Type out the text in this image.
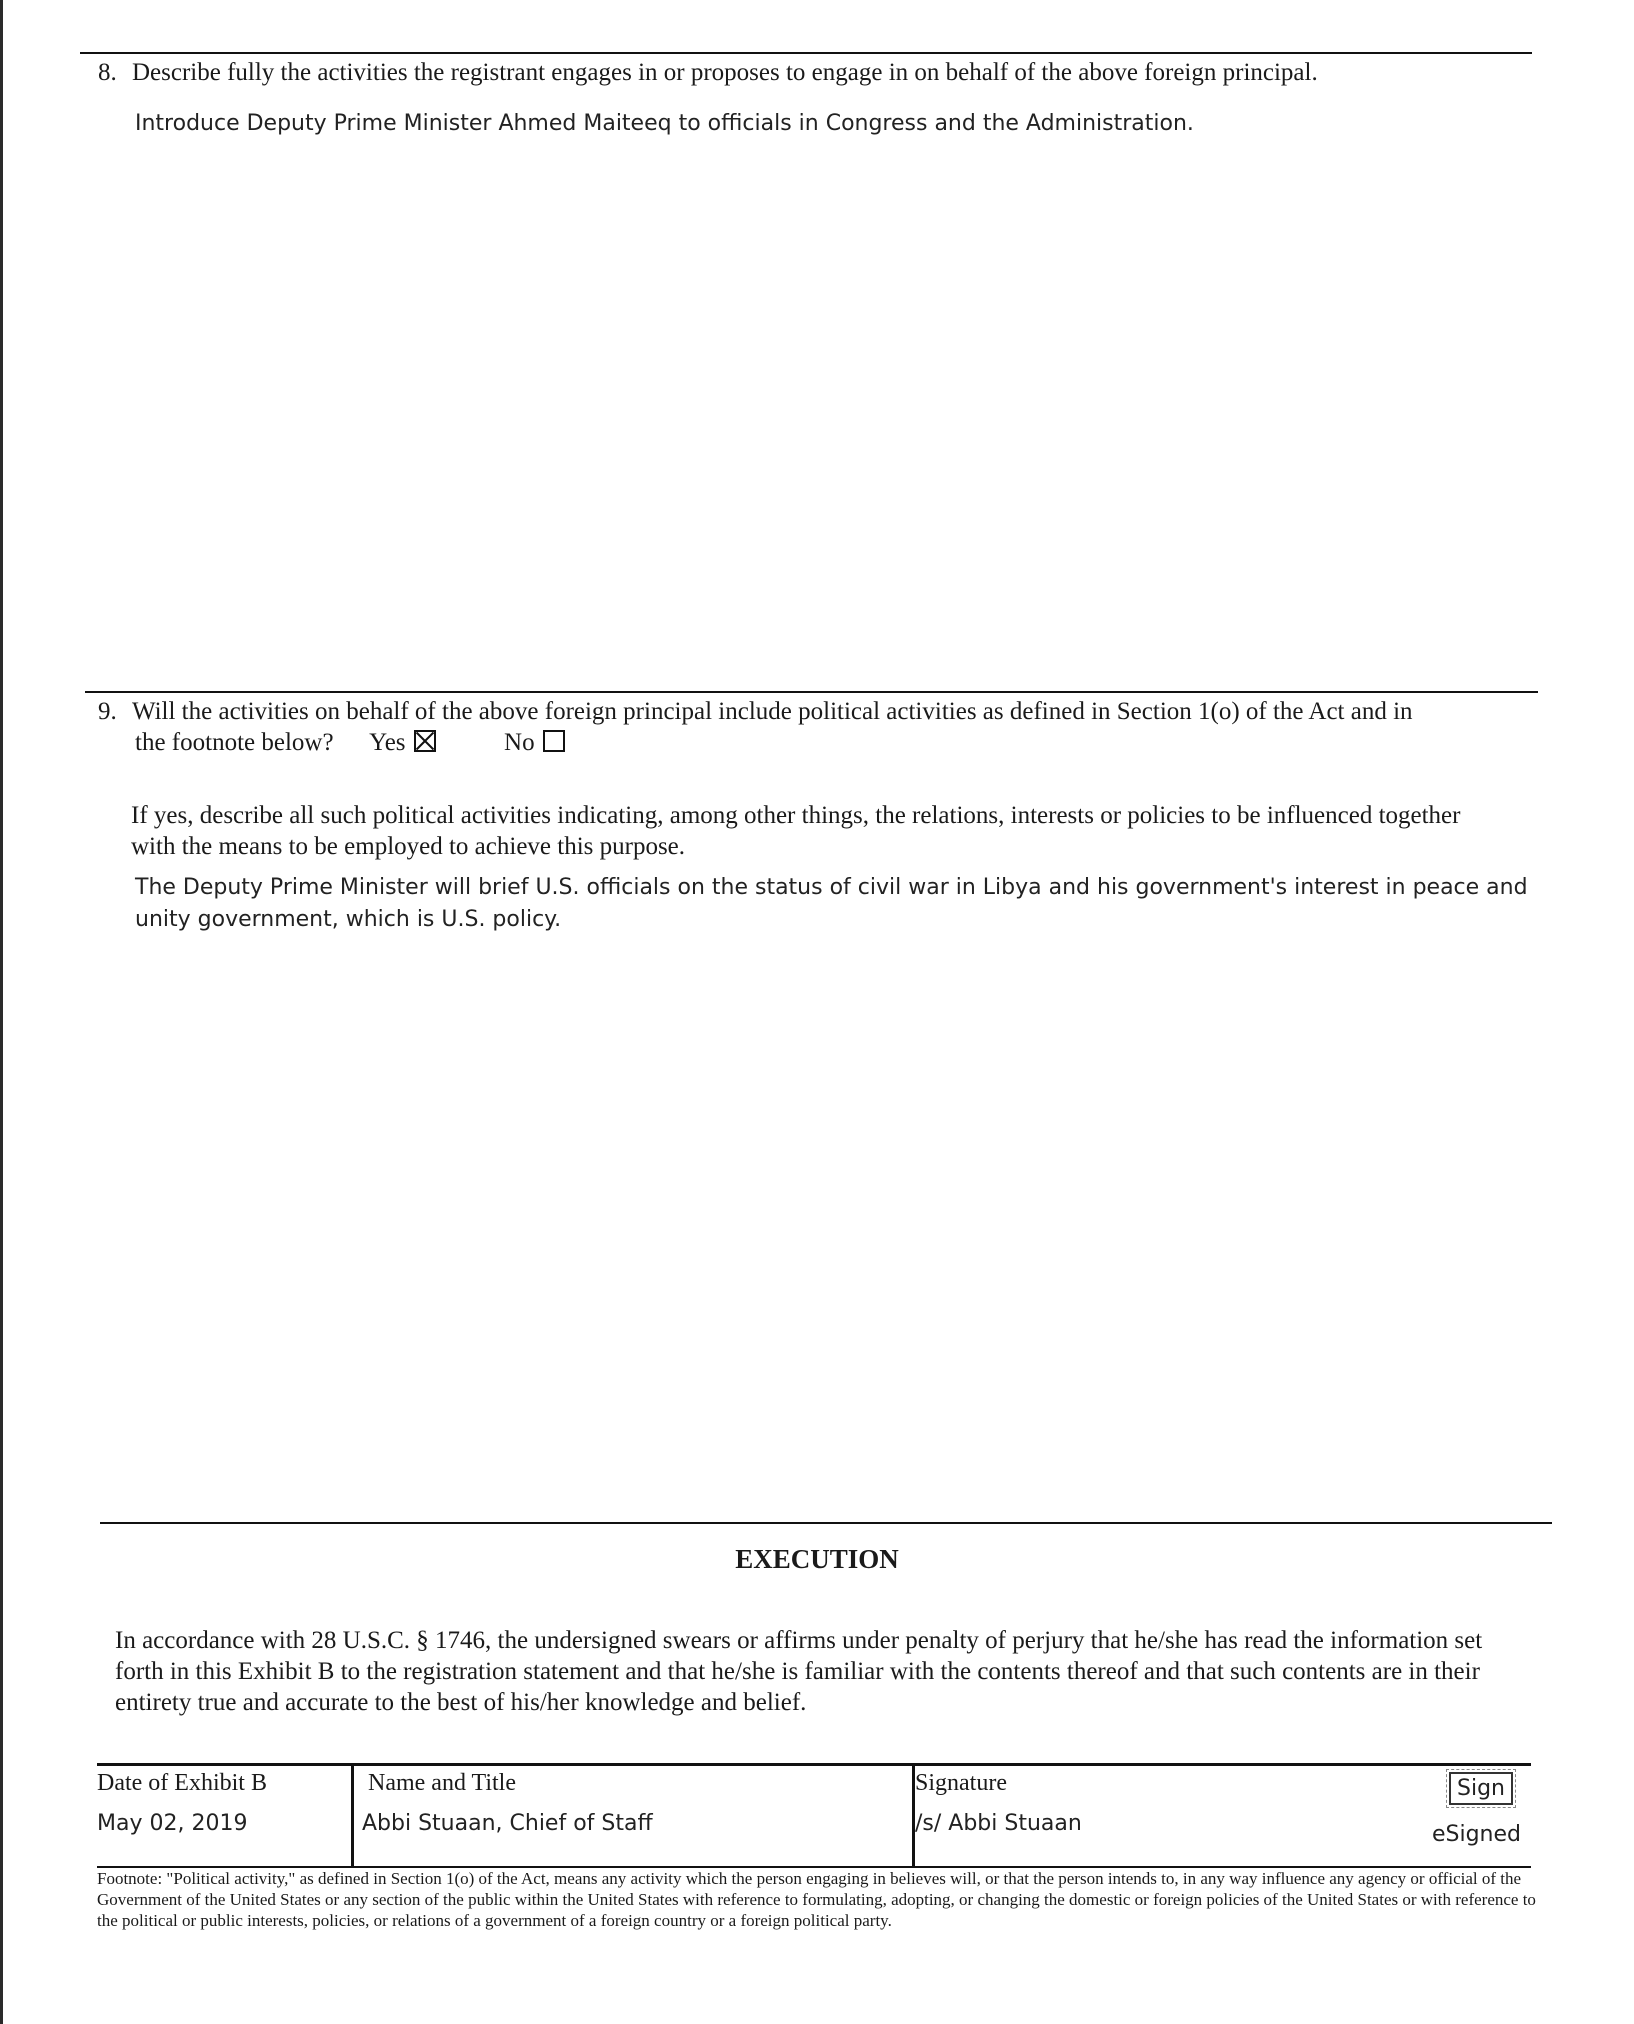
8. Describe fully the activities the registrant engages in or proposes to engage in on behalf of the above foreign principal.
Introduce Deputy Prime Minister Ahmed Maiteeq to officials in Congress and the Administration.
9. Will the activities on behalf of the above foreign principal include political activities as defined in Section 1(o) of the Act and in
the footnote below? Yes	No
If yes, describe all such political activities indicating, among other things, the relations, interests or policies to be influenced together with the means to be employed to achieve this purpose.
The Deputy Prime Minister will brief U.S. officials on the status of civil war in Libya and his government's interest in peace and unity government, which is U.S. policy.
EXECUTION
In accordance with 28 U.S.C. § 1746, the undersigned swears or affirms under penalty of perjury that he/she has read the information set forth in this Exhibit B to the registration statement and that he/she is familiar with the contents thereof and that such contents are in their entirety true and accurate to the best of his/her knowledge and belief.
Date of Exhibit B
May 02, 2019

Name and Title
Abbi Stuaan, Chief of Staff

Signature
/s/ Abbi Stuaan
Sign
eSigned
Footnote: "Political activity," as defined in Section 1(o) of the Act, means any activity which the person engaging in believes will, or that the person intends to, in any way influence any agency or official of the Government of the United States or any section of the public within the United States with reference to formulating, adopting, or changing the domestic or foreign policies of the United States or with reference to the political or public interests, policies, or relations of a government of a foreign country or a foreign political party.
